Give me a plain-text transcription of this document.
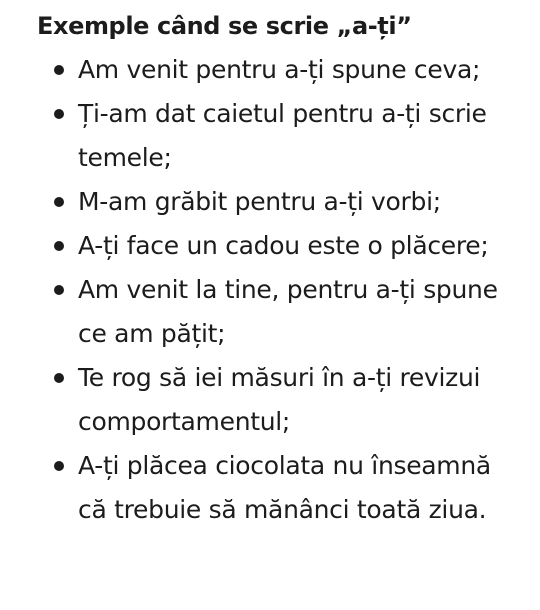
Exemple când se scrie „a-ți”
Am venit pentru a-ți spune ceva;
Ți-am dat caietul pentru a-ți scrie temele;
M-am grăbit pentru a-ți vorbi;
A-ți face un cadou este o plăcere;
Am venit la tine, pentru a-ți spune ce am pățit;
Te rog să iei măsuri în a-ți revizui comportamentul;
A-ți plăcea ciocolata nu înseamnă că trebuie să mănânci toată ziua.
